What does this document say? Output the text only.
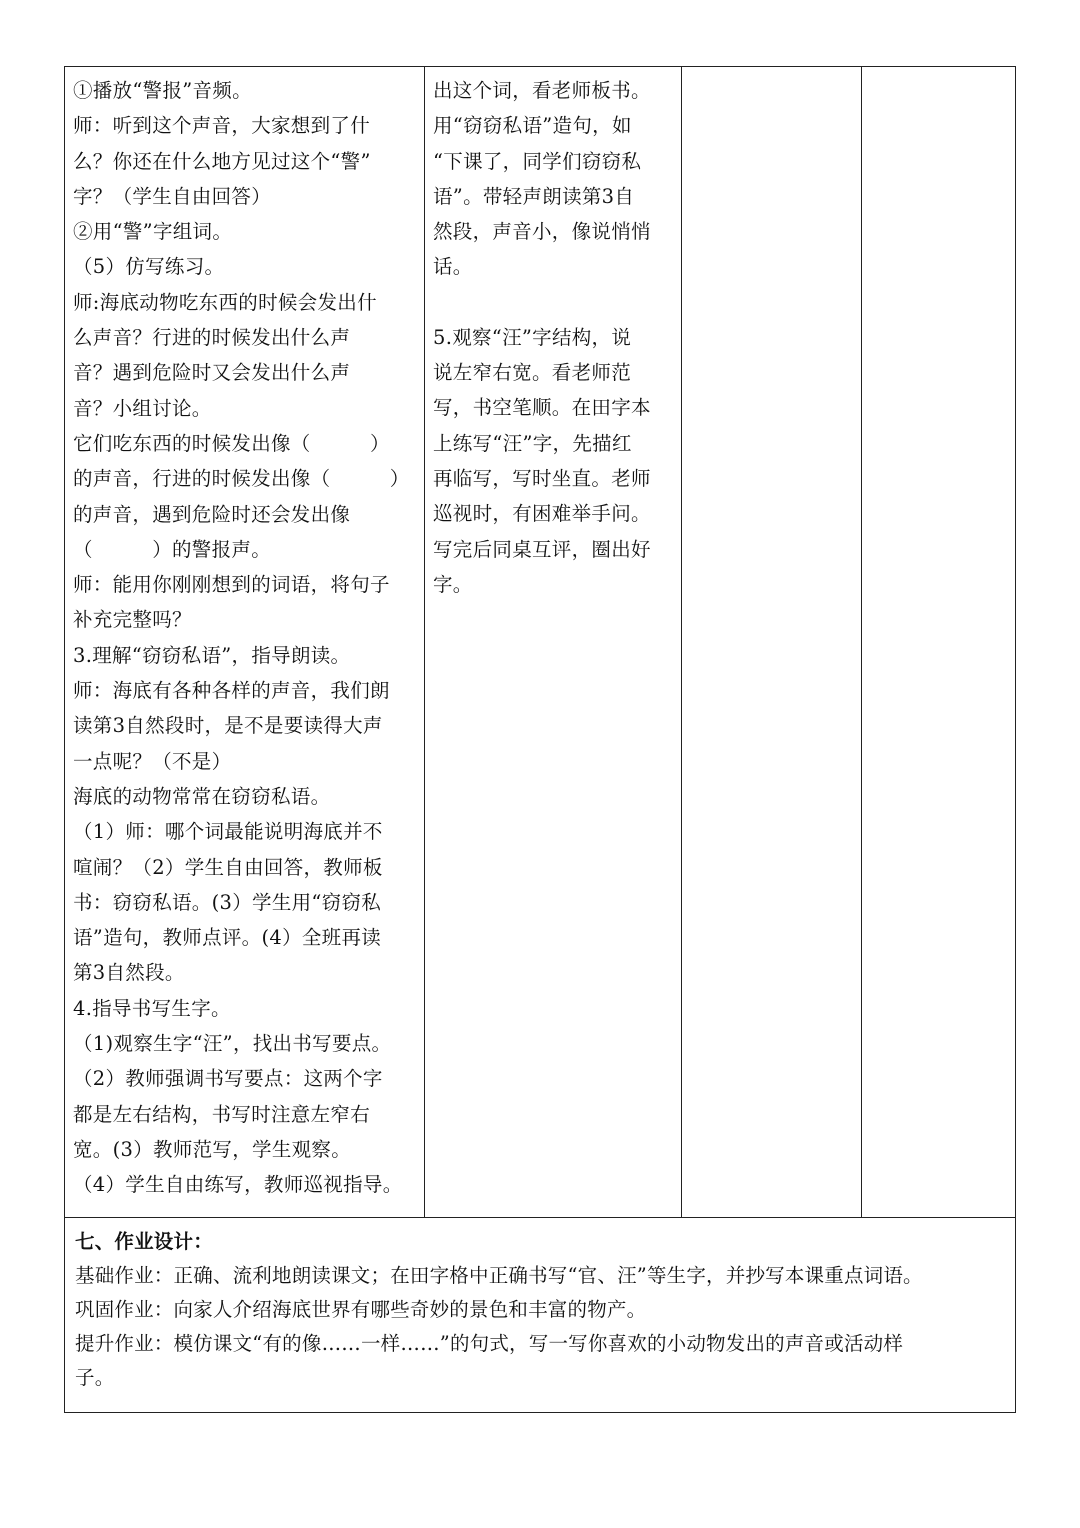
①播放“警报”音频。

师：听到这个声音，大家想到了什

么？你还在什么地方见过这个“警”

字？（学生自由回答）

②用“警”字组词。

（5）仿写练习。

师:海底动物吃东西的时候会发出什

么声音？行进的时候发出什么声

音？遇到危险时又会发出什么声

音？小组讨论。

它们吃东西的时候发出像（　　　）

的声音，行进的时候发出像（　　　）

的声音，遇到危险时还会发出像

（　　　）的警报声。

师：能用你刚刚想到的词语，将句子

补充完整吗？

3.理解“窃窃私语”，指导朗读。

师：海底有各种各样的声音，我们朗

读第3自然段时，是不是要读得大声

一点呢？（不是）

海底的动物常常在窃窃私语。

（1）师：哪个词最能说明海底并不

喧闹？（2）学生自由回答，教师板

书：窃窃私语。(3）学生用“窃窃私

语”造句，教师点评。(4）全班再读

第3自然段。

4.指导书写生字。

（1)观察生字“汪”，找出书写要点。

（2）教师强调书写要点：这两个字

都是左右结构，书写时注意左窄右

宽。(3）教师范写，学生观察。

（4）学生自由练写，教师巡视指导。

出这个词，看老师板书。

用“窃窃私语”造句，如

“下课了，同学们窃窃私

语”。带轻声朗读第3自

然段，声音小，像说悄悄

话。

5.观察“汪”字结构，说

说左窄右宽。看老师范

写，书空笔顺。在田字本

上练写“汪”字，先描红

再临写，写时坐直。老师

巡视时，有困难举手问。

写完后同桌互评，圈出好

字。

七、作业设计：

基础作业：正确、流利地朗读课文；在田字格中正确书写“官、汪”等生字，并抄写本课重点词语。

巩固作业：向家人介绍海底世界有哪些奇妙的景色和丰富的物产。

提升作业：模仿课文“有的像……一样……”的句式，写一写你喜欢的小动物发出的声音或活动样

子。
